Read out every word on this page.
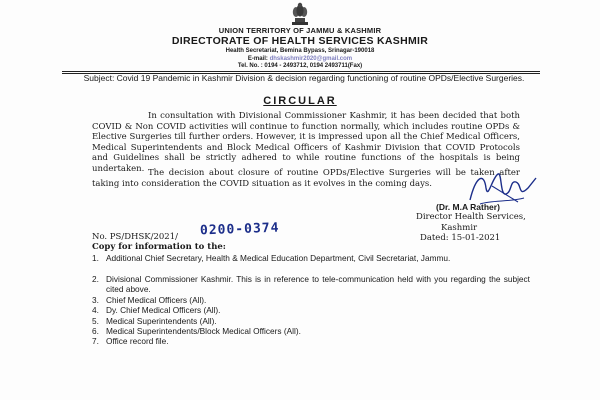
UNION TERRITORY OF JAMMU & KASHMIR
DIRECTORATE OF HEALTH SERVICES KASHMIR
Health Secretariat, Bemina Bypass, Srinagar-190018
E-mail: dhskashmir2020@gmail.com
Tel. No. : 0194 - 2493712, 0194 2493711(Fax)
Subject: Covid 19 Pandemic in Kashmir Division & decision regarding functioning of routine OPDs/Elective Surgeries.
CIRCULAR

In consultation with Divisional Commissioner Kashmir, it has been decided that both COVID & Non COVID activities will continue to function normally, which includes routine OPDs & Elective Surgeries till further orders. However, it is impressed upon all the Chief Medical Officers, Medical Superintendents and Block Medical Officers of Kashmir Division that COVID Protocols and Guidelines shall be strictly adhered to while routine functions of the hospitals is being undertaken. The decision about closure of routine OPDs/Elective Surgeries will be taken after taking into consideration the COVID situation as it evolves in the coming days.

(Dr. M.A Rather)
Director Health Services,
Kashmir
No. PS/DHSK/2021/ 0200-0374	Dated: 15-01-2021
Copy for information to the:
1. Additional Chief Secretary, Health & Medical Education Department, Civil Secretariat, Jammu.
2. Divisional Commissioner Kashmir. This is in reference to tele-communication held with you regarding the subject cited above.
3. Chief Medical Officers (All).
4. Dy. Chief Medical Officers (All).
5. Medical Superintendents (All).
6. Medical Superintendents/Block Medical Officers (All).
7. Office record file.
